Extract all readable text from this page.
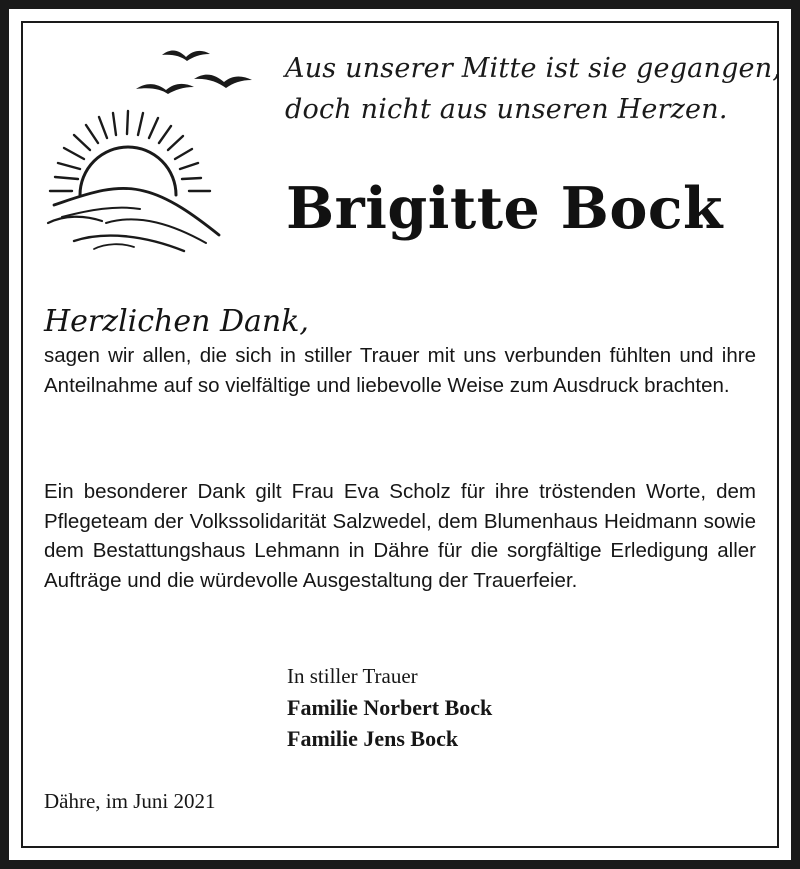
Aus unserer Mitte ist sie gegangen,
doch nicht aus unseren Herzen.
Brigitte Bock
Herzlichen Dank,
sagen wir allen, die sich in stiller Trauer mit uns verbunden fühlten und ihre Anteilnahme auf so vielfältige und liebevolle Weise zum Ausdruck brachten.
Ein besonderer Dank gilt Frau Eva Scholz für ihre tröstenden Worte, dem Pflegeteam der Volkssolidarität Salzwedel, dem Blumenhaus Heidmann sowie dem Bestattungshaus Lehmann in Dähre für die sorgfältige Erledigung aller Aufträge und die würdevolle Ausgestaltung der Trauerfeier.
In stiller Trauer
Familie Norbert Bock
Familie Jens Bock
Dähre, im Juni 2021
